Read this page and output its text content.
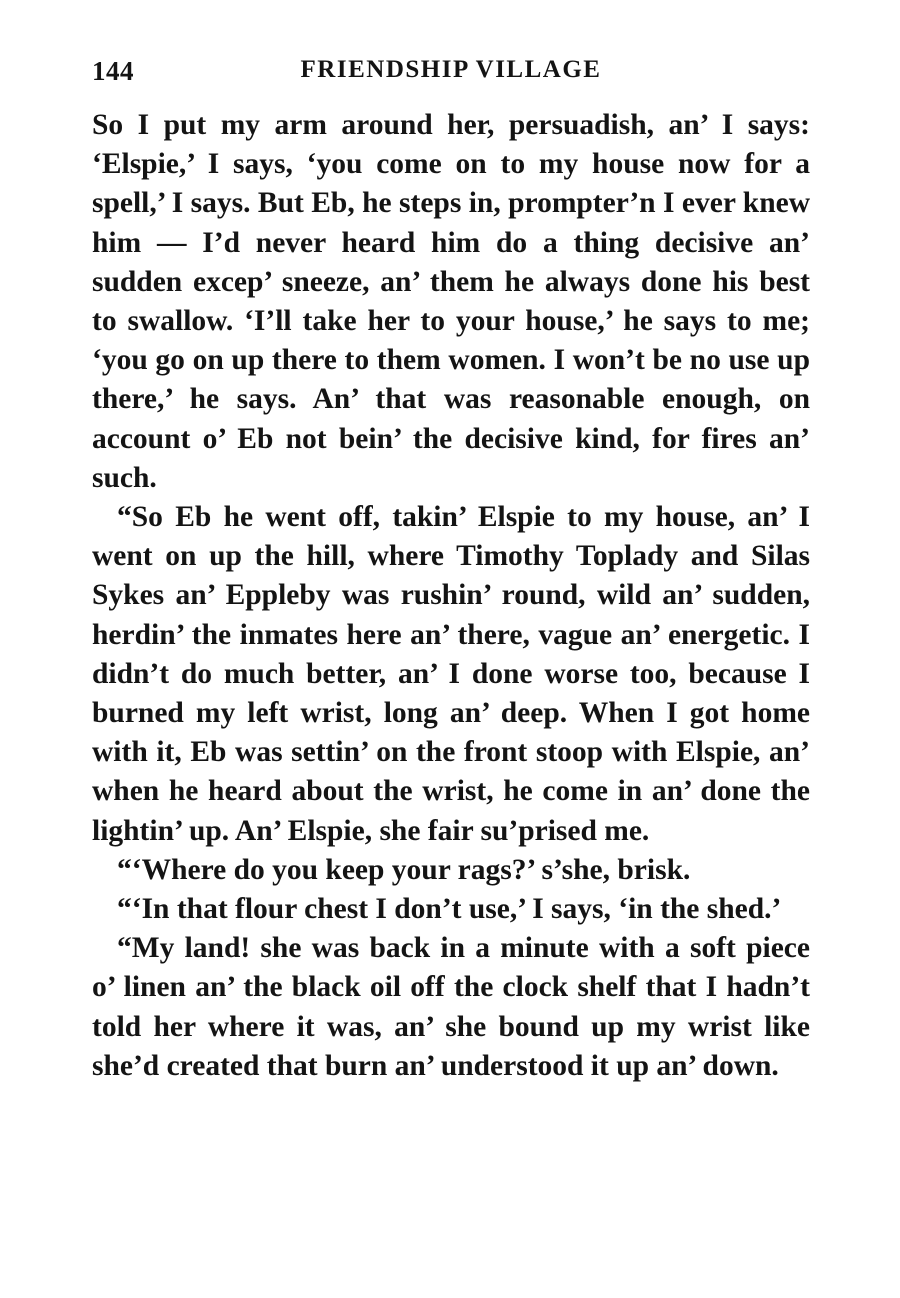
144	FRIENDSHIP VILLAGE

So I put my arm around her, persuadish, an’ I says: ‘Elspie,’ I says, ‘you come on to my house now for a spell,’ I says. But Eb, he steps in, prompter’n I ever knew him — I’d never heard him do a thing decisive an’ sudden excep’ sneeze, an’ them he always done his best to swallow. ‘I’ll take her to your house,’ he says to me; ‘you go on up there to them women. I won’t be no use up there,’ he says. An’ that was reasonable enough, on account o’ Eb not bein’ the decisive kind, for fires an’ such.

“So Eb he went off, takin’ Elspie to my house, an’ I went on up the hill, where Timothy Toplady and Silas Sykes an’ Eppleby was rushin’ round, wild an’ sudden, herdin’ the inmates here an’ there, vague an’ energetic. I didn’t do much better, an’ I done worse too, because I burned my left wrist, long an’ deep. When I got home with it, Eb was settin’ on the front stoop with Elspie, an’ when he heard about the wrist, he come in an’ done the lightin’ up. An’ Elspie, she fair su’prised me.

“‘Where do you keep your rags?’ s’she, brisk.

“‘In that flour chest I don’t use,’ I says, ‘in the shed.’

“My land! she was back in a minute with a soft piece o’ linen an’ the black oil off the clock shelf that I hadn’t told her where it was, an’ she bound up my wrist like she’d created that burn an’ understood it up an’ down.
